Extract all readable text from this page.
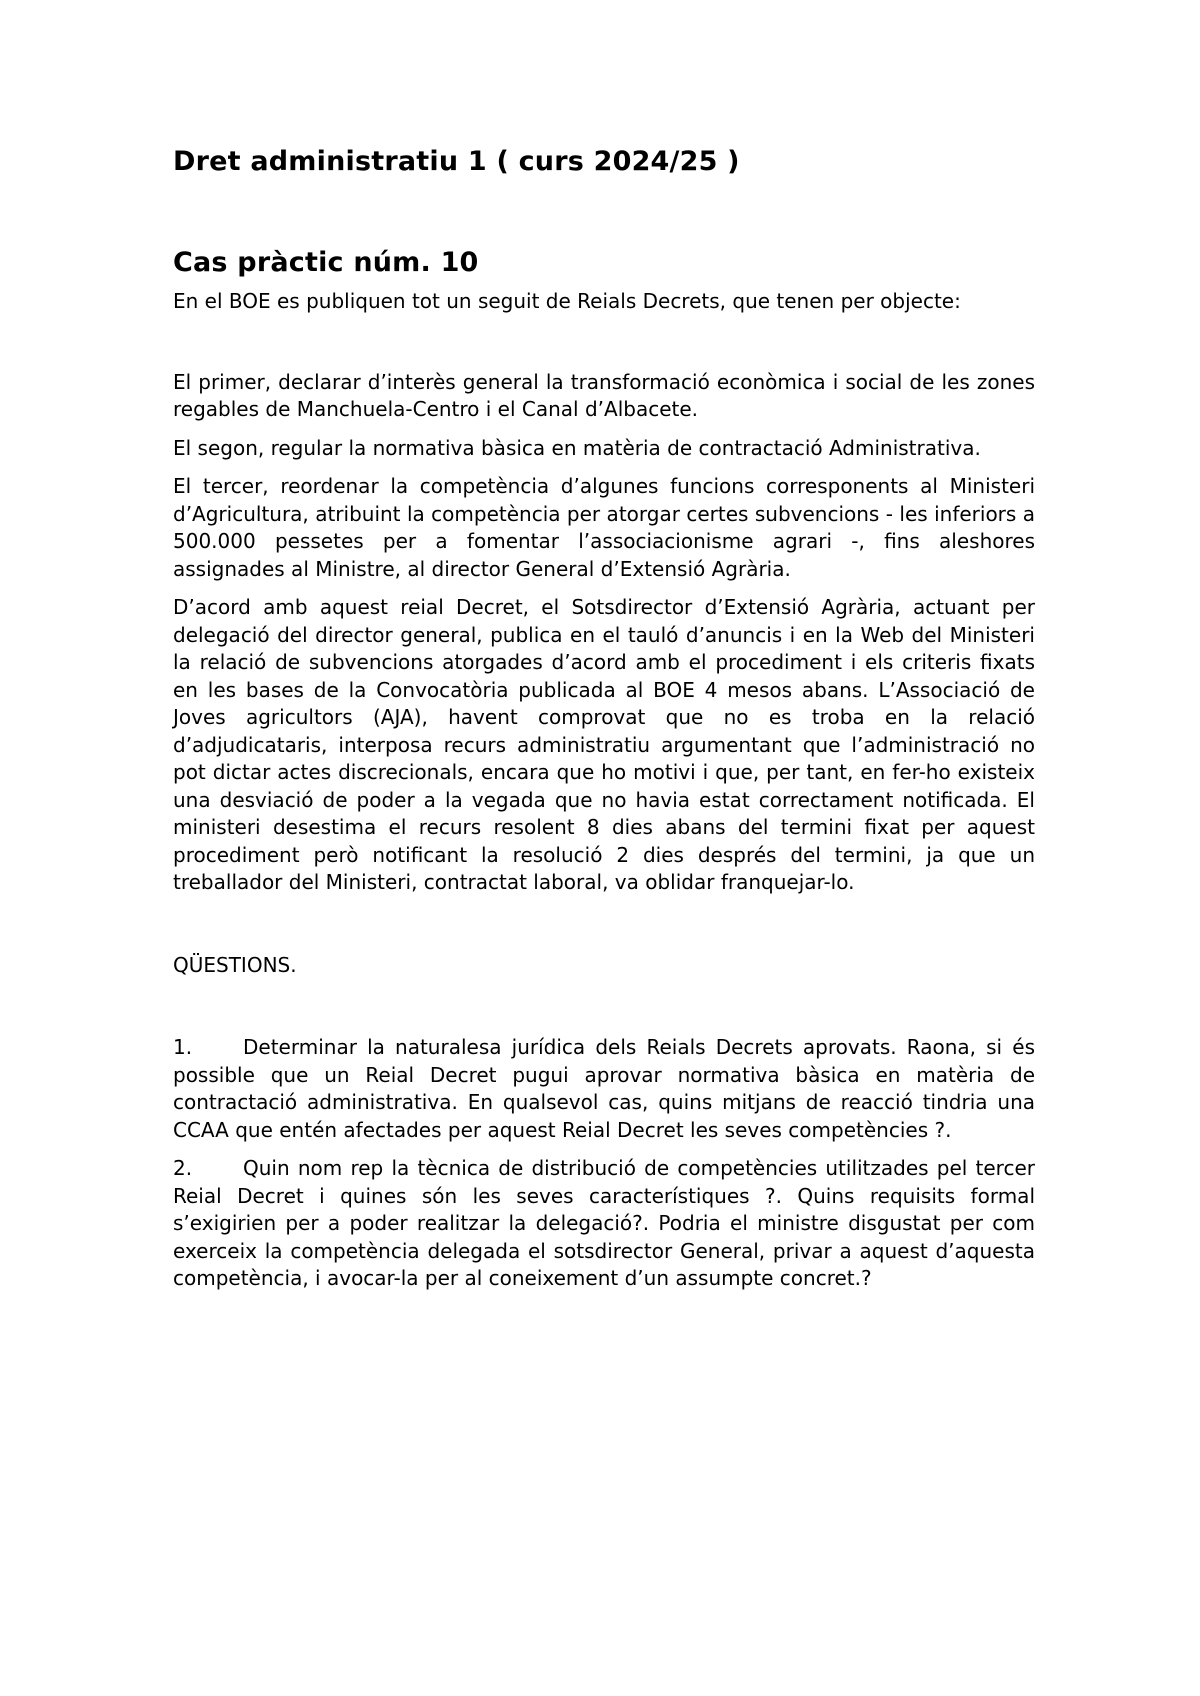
Dret administratiu 1 ( curs 2024/25 )
Cas pràctic núm. 10

En el BOE es publiquen tot un seguit de Reials Decrets, que tenen per objecte:

El primer, declarar d’interès general la transformació econòmica i social de les zones regables de Manchuela-Centro i el Canal d’Albacete.

El segon, regular la normativa bàsica en matèria de contractació Administrativa.

El tercer, reordenar la competència d’algunes funcions corresponents al Ministeri d’Agricultura, atribuint la competència per atorgar certes subvencions - les inferiors a 500.000 pessetes per a fomentar l’associacionisme agrari -, fins aleshores assignades al Ministre, al director General d’Extensió Agrària.

D’acord amb aquest reial Decret, el Sotsdirector d’Extensió Agrària, actuant per delegació del director general, publica en el tauló d’anuncis i en la Web del Ministeri la relació de subvencions atorgades d’acord amb el procediment i els criteris fixats en les bases de la Convocatòria publicada al BOE 4 mesos abans. L’Associació de Joves agricultors (AJA), havent comprovat que no es troba en la relació d’adjudicataris, interposa recurs administratiu argumentant que l’administració no pot dictar actes discrecionals, encara que ho motivi i que, per tant, en fer-ho existeix una desviació de poder a la vegada que no havia estat correctament notificada. El ministeri desestima el recurs resolent 8 dies abans del termini fixat per aquest procediment però notificant la resolució 2 dies després del termini, ja que un treballador del Ministeri, contractat laboral, va oblidar franquejar-lo.

QÜESTIONS.

1.	Determinar la naturalesa jurídica dels Reials Decrets aprovats. Raona, si és possible que un Reial Decret pugui aprovar normativa bàsica en matèria de contractació administrativa. En qualsevol cas, quins mitjans de reacció tindria una CCAA que entén afectades per aquest Reial Decret les seves competències ?.

2.	Quin nom rep la tècnica de distribució de competències utilitzades pel tercer Reial Decret i quines són les seves característiques ?. Quins requisits formal s’exigirien per a poder realitzar la delegació?. Podria el ministre disgustat per com exerceix la competència delegada el sotsdirector General, privar a aquest d’aquesta competència, i avocar-la per al coneixement d’un assumpte concret.?
